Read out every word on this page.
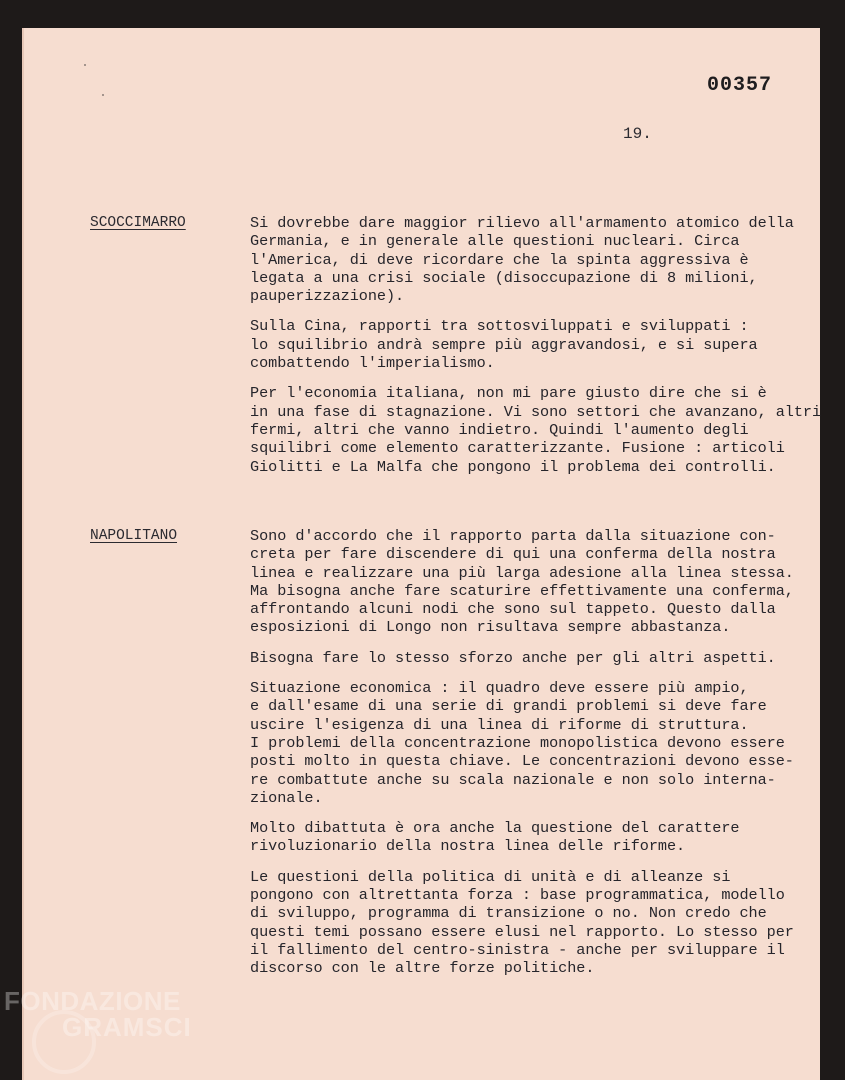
00357
19.
SCOCCIMARRO	Si dovrebbe dare maggior rilievo all'armamento atomico della
Germania, e in generale alle questioni nucleari. Circa
l'America, di deve ricordare che la spinta aggressiva è
legata a una crisi sociale (disoccupazione di 8 milioni,
pauperizzazione).

Sulla Cina, rapporti tra sottosviluppati e sviluppati :
lo squilibrio andrà sempre più aggravandosi, e si supera
combattendo l'imperialismo.

Per l'economia italiana, non mi pare giusto dire che si è
in una fase di stagnazione. Vi sono settori che avanzano, altri
fermi, altri che vanno indietro. Quindi l'aumento degli
squilibri come elemento caratterizzante. Fusione : articoli
Giolitti e La Malfa che pongono il problema dei controlli.

NAPOLITANO	Sono d'accordo che il rapporto parta dalla situazione con-
creta per fare discendere di qui una conferma della nostra
linea e realizzare una più larga adesione alla linea stessa.
Ma bisogna anche fare scaturire effettivamente una conferma,
affrontando alcuni nodi che sono sul tappeto. Questo dalla
esposizioni di Longo non risultava sempre abbastanza.

Bisogna fare lo stesso sforzo anche per gli altri aspetti.

Situazione economica : il quadro deve essere più ampio,
e dall'esame di una serie di grandi problemi si deve fare
uscire l'esigenza di una linea di riforme di struttura.
I problemi della concentrazione monopolistica devono essere
posti molto in questa chiave. Le concentrazioni devono esse-
re combattute anche su scala nazionale e non solo interna-
zionale.

Molto dibattuta è ora anche la questione del carattere
rivoluzionario della nostra linea delle riforme.

Le questioni della politica di unità e di alleanze si
pongono con altrettanta forza : base programmatica, modello
di sviluppo, programma di transizione o no. Non credo che
questi temi possano essere elusi nel rapporto. Lo stesso per
il fallimento del centro-sinistra - anche per sviluppare il
discorso con le altre forze politiche.

FONDAZIONE
GRAMSCI
